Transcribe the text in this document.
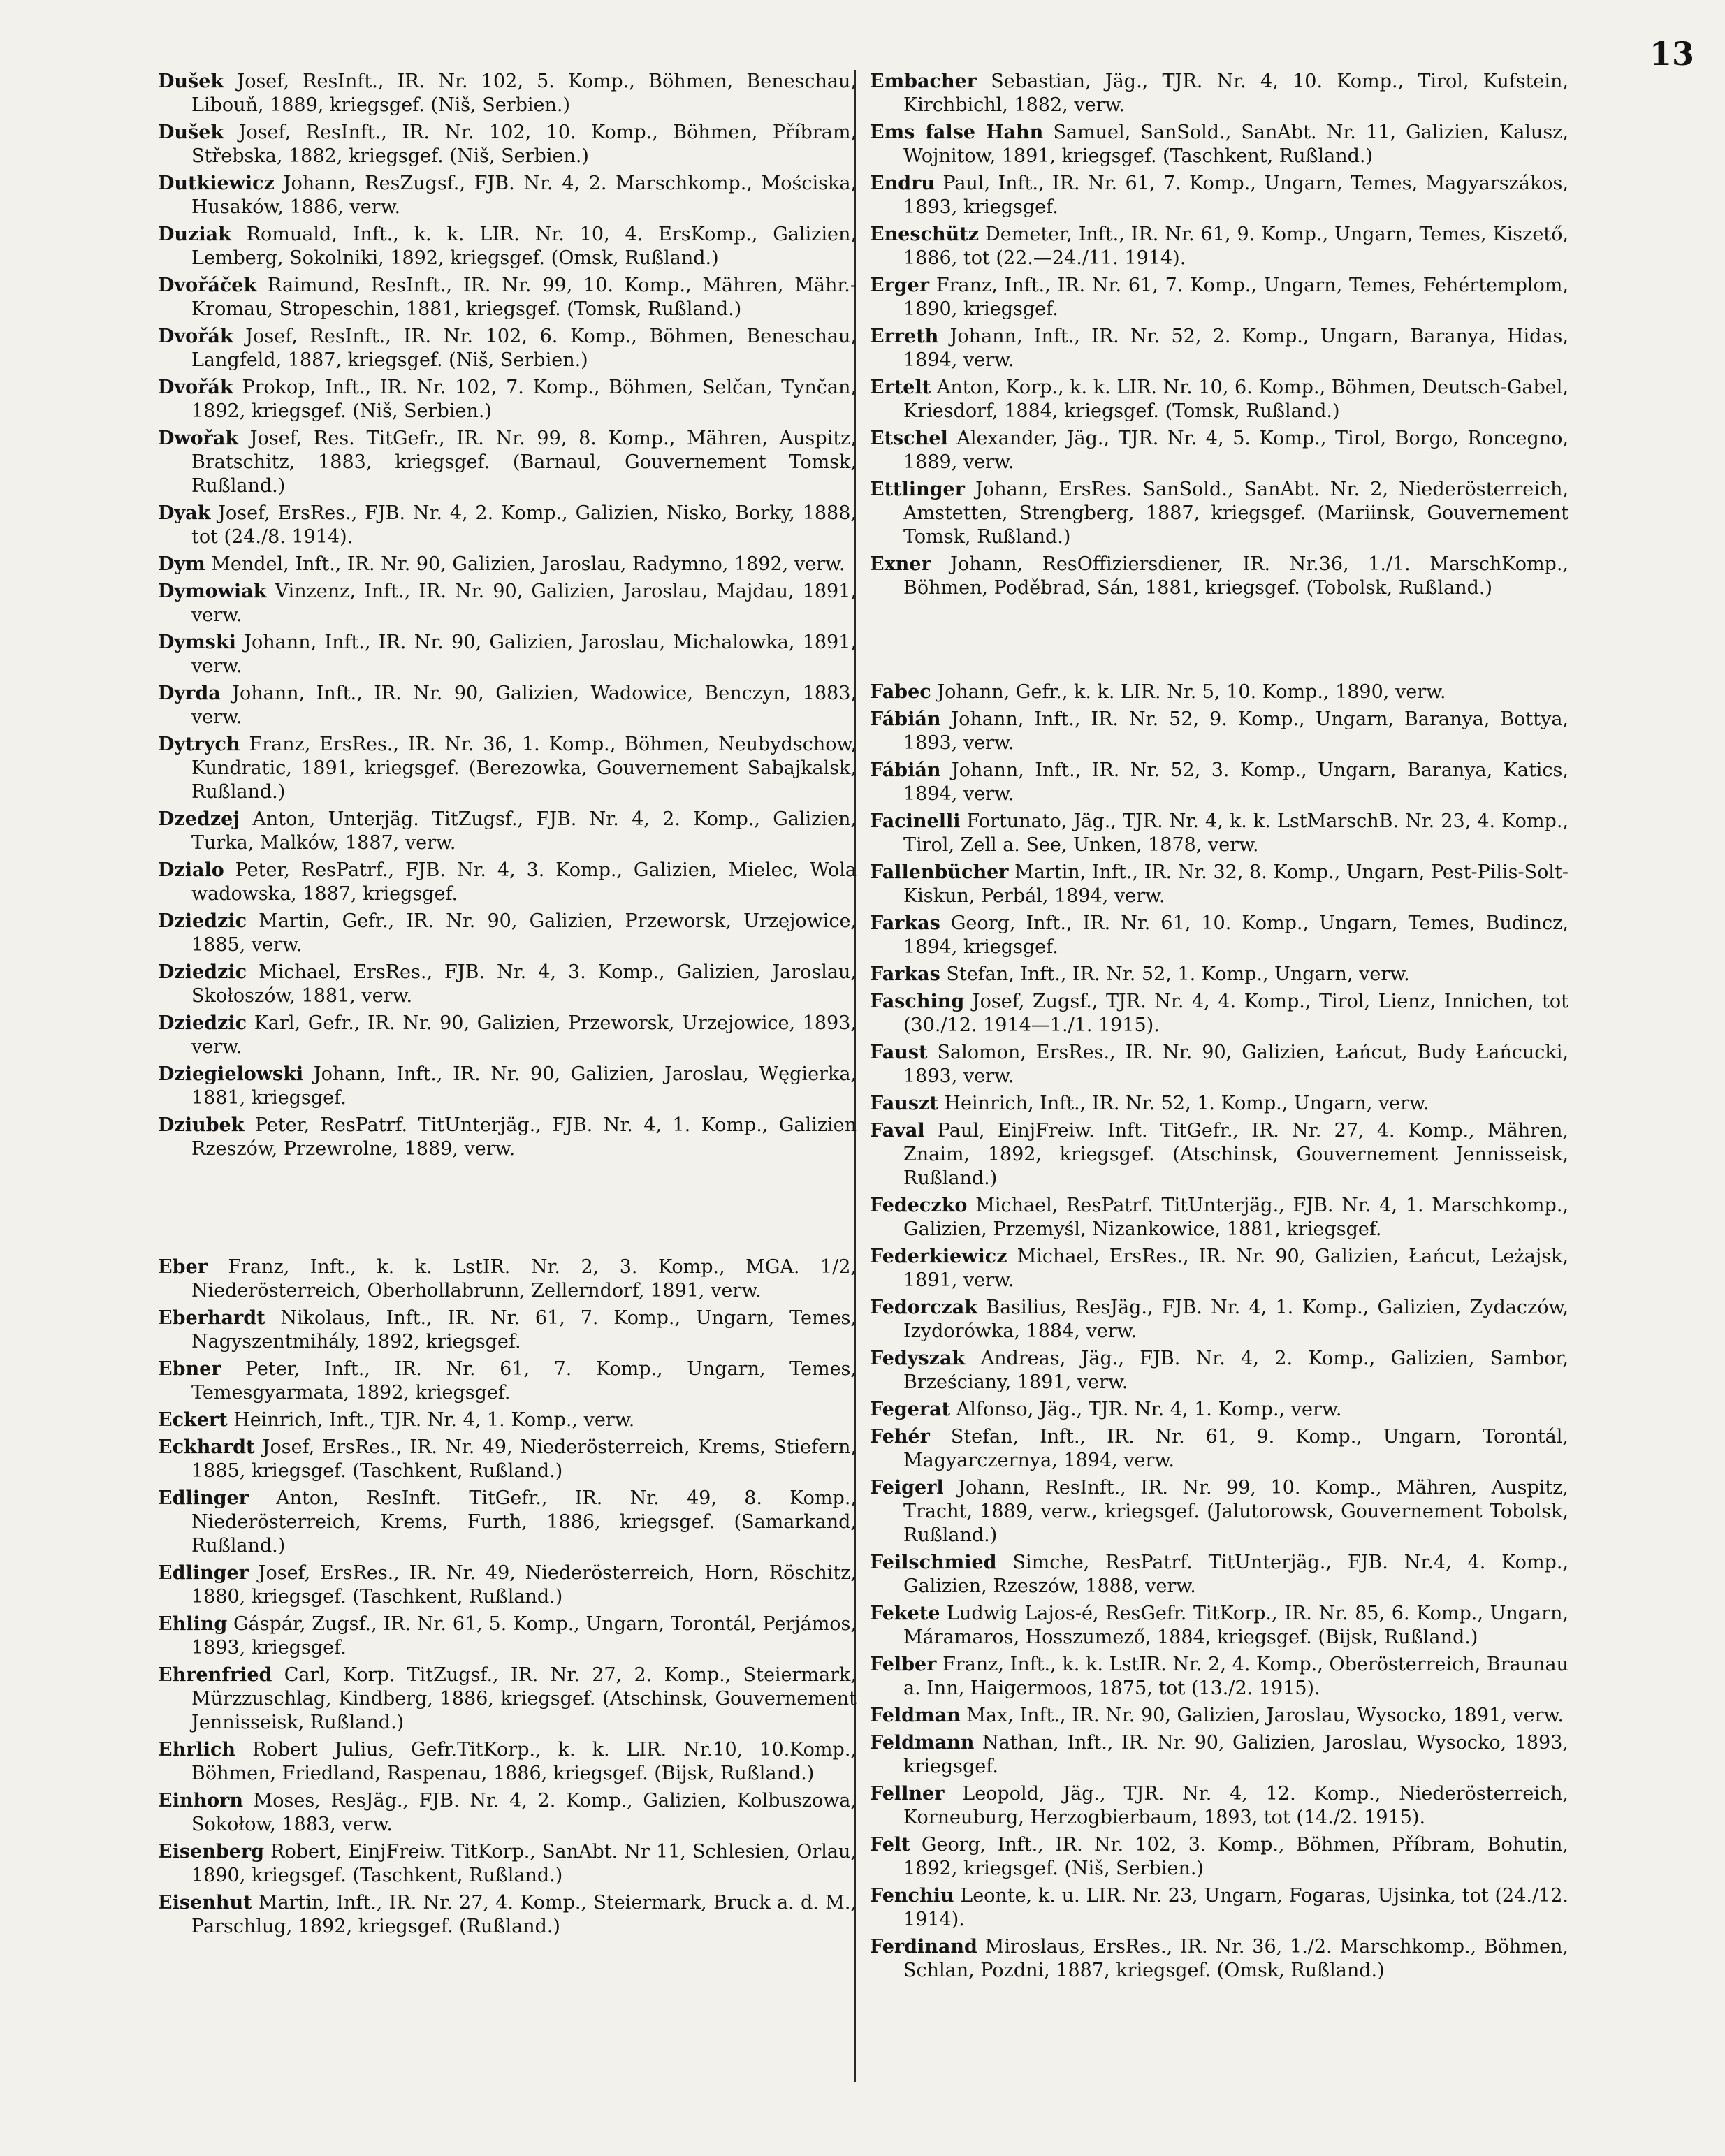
13

Dušek Josef, ResInft., IR. Nr. 102, 5. Komp., Böhmen, Beneschau, Libouň, 1889, kriegsgef. (Niš, Serbien.)

Dušek Josef, ResInft., IR. Nr. 102, 10. Komp., Böhmen, Příbram, Střebska, 1882, kriegsgef. (Niš, Serbien.)

Dutkiewicz Johann, ResZugsf., FJB. Nr. 4, 2. Marschkomp., Mościska, Husaków, 1886, verw.

Duziak Romuald, Inft., k. k. LIR. Nr. 10, 4. ErsKomp., Galizien, Lemberg, Sokolniki, 1892, kriegsgef. (Omsk, Rußland.)

Dvořáček Raimund, ResInft., IR. Nr. 99, 10. Komp., Mähren, Mähr.-Kromau, Stropeschin, 1881, kriegsgef. (Tomsk, Rußland.)

Dvořák Josef, ResInft., IR. Nr. 102, 6. Komp., Böhmen, Beneschau, Langfeld, 1887, kriegsgef. (Niš, Serbien.)

Dvořák Prokop, Inft., IR. Nr. 102, 7. Komp., Böhmen, Selčan, Tynčan, 1892, kriegsgef. (Niš, Serbien.)

Dwořak Josef, Res. TitGefr., IR. Nr. 99, 8. Komp., Mähren, Auspitz, Bratschitz, 1883, kriegsgef. (Barnaul, Gouvernement Tomsk, Rußland.)

Dyak Josef, ErsRes., FJB. Nr. 4, 2. Komp., Galizien, Nisko, Borky, 1888, tot (24./8. 1914).

Dym Mendel, Inft., IR. Nr. 90, Galizien, Jaroslau, Radymno, 1892, verw.

Dymowiak Vinzenz, Inft., IR. Nr. 90, Galizien, Jaroslau, Majdau, 1891, verw.

Dymski Johann, Inft., IR. Nr. 90, Galizien, Jaroslau, Michalowka, 1891, verw.

Dyrda Johann, Inft., IR. Nr. 90, Galizien, Wadowice, Benczyn, 1883, verw.

Dytrych Franz, ErsRes., IR. Nr. 36, 1. Komp., Böhmen, Neubydschow, Kundratic, 1891, kriegsgef. (Berezowka, Gouvernement Sabajkalsk, Rußland.)

Dzedzej Anton, Unterjäg. TitZugsf., FJB. Nr. 4, 2. Komp., Galizien, Turka, Malków, 1887, verw.

Dzialo Peter, ResPatrf., FJB. Nr. 4, 3. Komp., Galizien, Mielec, Wola wadowska, 1887, kriegsgef.

Dziedzic Martin, Gefr., IR. Nr. 90, Galizien, Przeworsk, Urzejowice, 1885, verw.

Dziedzic Michael, ErsRes., FJB. Nr. 4, 3. Komp., Galizien, Jaroslau, Skołoszów, 1881, verw.

Dziedzic Karl, Gefr., IR. Nr. 90, Galizien, Przeworsk, Urzejowice, 1893, verw.

Dziegielowski Johann, Inft., IR. Nr. 90, Galizien, Jaroslau, Węgierka, 1881, kriegsgef.

Dziubek Peter, ResPatrf. TitUnterjäg., FJB. Nr. 4, 1. Komp., Galizien Rzeszów, Przewrolne, 1889, verw.

Eber Franz, Inft., k. k. LstIR. Nr. 2, 3. Komp., MGA. 1/2, Niederösterreich, Oberhollabrunn, Zellerndorf, 1891, verw.

Eberhardt Nikolaus, Inft., IR. Nr. 61, 7. Komp., Ungarn, Temes, Nagyszentmihály, 1892, kriegsgef.

Ebner Peter, Inft., IR. Nr. 61, 7. Komp., Ungarn, Temes, Temesgyarmata, 1892, kriegsgef.

Eckert Heinrich, Inft., TJR. Nr. 4, 1. Komp., verw.

Eckhardt Josef, ErsRes., IR. Nr. 49, Niederösterreich, Krems, Stiefern, 1885, kriegsgef. (Taschkent, Rußland.)

Edlinger Anton, ResInft. TitGefr., IR. Nr. 49, 8. Komp., Niederösterreich, Krems, Furth, 1886, kriegsgef. (Samarkand, Rußland.)

Edlinger Josef, ErsRes., IR. Nr. 49, Niederösterreich, Horn, Röschitz, 1880, kriegsgef. (Taschkent, Rußland.)

Ehling Gáspár, Zugsf., IR. Nr. 61, 5. Komp., Ungarn, Torontál, Perjámos, 1893, kriegsgef.

Ehrenfried Carl, Korp. TitZugsf., IR. Nr. 27, 2. Komp., Steiermark, Mürzzuschlag, Kindberg, 1886, kriegsgef. (Atschinsk, Gouvernement Jennisseisk, Rußland.)

Ehrlich Robert Julius, Gefr.TitKorp., k. k. LIR. Nr.10, 10.Komp., Böhmen, Friedland, Raspenau, 1886, kriegsgef. (Bijsk, Rußland.)

Einhorn Moses, ResJäg., FJB. Nr. 4, 2. Komp., Galizien, Kolbuszowa, Sokołow, 1883, verw.

Eisenberg Robert, EinjFreiw. TitKorp., SanAbt. Nr 11, Schlesien, Orlau, 1890, kriegsgef. (Taschkent, Rußland.)

Eisenhut Martin, Inft., IR. Nr. 27, 4. Komp., Steiermark, Bruck a. d. M., Parschlug, 1892, kriegsgef. (Rußland.)

Embacher Sebastian, Jäg., TJR. Nr. 4, 10. Komp., Tirol, Kufstein, Kirchbichl, 1882, verw.

Ems false Hahn Samuel, SanSold., SanAbt. Nr. 11, Galizien, Kalusz, Wojnitow, 1891, kriegsgef. (Taschkent, Rußland.)

Endru Paul, Inft., IR. Nr. 61, 7. Komp., Ungarn, Temes, Magyarszákos, 1893, kriegsgef.

Eneschütz Demeter, Inft., IR. Nr. 61, 9. Komp., Ungarn, Temes, Kiszető, 1886, tot (22.—24./11. 1914).

Erger Franz, Inft., IR. Nr. 61, 7. Komp., Ungarn, Temes, Fehértemplom, 1890, kriegsgef.

Erreth Johann, Inft., IR. Nr. 52, 2. Komp., Ungarn, Baranya, Hidas, 1894, verw.

Ertelt Anton, Korp., k. k. LIR. Nr. 10, 6. Komp., Böhmen, Deutsch-Gabel, Kriesdorf, 1884, kriegsgef. (Tomsk, Rußland.)

Etschel Alexander, Jäg., TJR. Nr. 4, 5. Komp., Tirol, Borgo, Roncegno, 1889, verw.

Ettlinger Johann, ErsRes. SanSold., SanAbt. Nr. 2, Niederösterreich, Amstetten, Strengberg, 1887, kriegsgef. (Mariinsk, Gouvernement Tomsk, Rußland.)

Exner Johann, ResOffiziersdiener, IR. Nr.36, 1./1. MarschKomp., Böhmen, Poděbrad, Sán, 1881, kriegsgef. (Tobolsk, Rußland.)

Fabec Johann, Gefr., k. k. LIR. Nr. 5, 10. Komp., 1890, verw.

Fábián Johann, Inft., IR. Nr. 52, 9. Komp., Ungarn, Baranya, Bottya, 1893, verw.

Fábián Johann, Inft., IR. Nr. 52, 3. Komp., Ungarn, Baranya, Katics, 1894, verw.

Facinelli Fortunato, Jäg., TJR. Nr. 4, k. k. LstMarschB. Nr. 23, 4. Komp., Tirol, Zell a. See, Unken, 1878, verw.

Fallenbücher Martin, Inft., IR. Nr. 32, 8. Komp., Ungarn, Pest-Pilis-Solt-Kiskun, Perbál, 1894, verw.

Farkas Georg, Inft., IR. Nr. 61, 10. Komp., Ungarn, Temes, Budincz, 1894, kriegsgef.

Farkas Stefan, Inft., IR. Nr. 52, 1. Komp., Ungarn, verw.

Fasching Josef, Zugsf., TJR. Nr. 4, 4. Komp., Tirol, Lienz, Innichen, tot (30./12. 1914—1./1. 1915).

Faust Salomon, ErsRes., IR. Nr. 90, Galizien, Łańcut, Budy Łańcucki, 1893, verw.

Fauszt Heinrich, Inft., IR. Nr. 52, 1. Komp., Ungarn, verw.

Faval Paul, EinjFreiw. Inft. TitGefr., IR. Nr. 27, 4. Komp., Mähren, Znaim, 1892, kriegsgef. (Atschinsk, Gouvernement Jennisseisk, Rußland.)

Fedeczko Michael, ResPatrf. TitUnterjäg., FJB. Nr. 4, 1. Marschkomp., Galizien, Przemyśl, Nizankowice, 1881, kriegsgef.

Federkiewicz Michael, ErsRes., IR. Nr. 90, Galizien, Łańcut, Leżajsk, 1891, verw.

Fedorczak Basilius, ResJäg., FJB. Nr. 4, 1. Komp., Galizien, Zydaczów, Izydorówka, 1884, verw.

Fedyszak Andreas, Jäg., FJB. Nr. 4, 2. Komp., Galizien, Sambor, Brześciany, 1891, verw.

Fegerat Alfonso, Jäg., TJR. Nr. 4, 1. Komp., verw.

Fehér Stefan, Inft., IR. Nr. 61, 9. Komp., Ungarn, Torontál, Magyarczernya, 1894, verw.

Feigerl Johann, ResInft., IR. Nr. 99, 10. Komp., Mähren, Auspitz, Tracht, 1889, verw., kriegsgef. (Jalutorowsk, Gouvernement Tobolsk, Rußland.)

Feilschmied Simche, ResPatrf. TitUnterjäg., FJB. Nr.4, 4. Komp., Galizien, Rzeszów, 1888, verw.

Fekete Ludwig Lajos-é, ResGefr. TitKorp., IR. Nr. 85, 6. Komp., Ungarn, Máramaros, Hosszumező, 1884, kriegsgef. (Bijsk, Rußland.)

Felber Franz, Inft., k. k. LstIR. Nr. 2, 4. Komp., Oberösterreich, Braunau a. Inn, Haigermoos, 1875, tot (13./2. 1915).

Feldman Max, Inft., IR. Nr. 90, Galizien, Jaroslau, Wysocko, 1891, verw.

Feldmann Nathan, Inft., IR. Nr. 90, Galizien, Jaroslau, Wysocko, 1893, kriegsgef.

Fellner Leopold, Jäg., TJR. Nr. 4, 12. Komp., Niederösterreich, Korneuburg, Herzogbierbaum, 1893, tot (14./2. 1915).

Felt Georg, Inft., IR. Nr. 102, 3. Komp., Böhmen, Příbram, Bohutin, 1892, kriegsgef. (Niš, Serbien.)

Fenchiu Leonte, k. u. LIR. Nr. 23, Ungarn, Fogaras, Ujsinka, tot (24./12. 1914).

Ferdinand Miroslaus, ErsRes., IR. Nr. 36, 1./2. Marschkomp., Böhmen, Schlan, Pozdni, 1887, kriegsgef. (Omsk, Rußland.)
